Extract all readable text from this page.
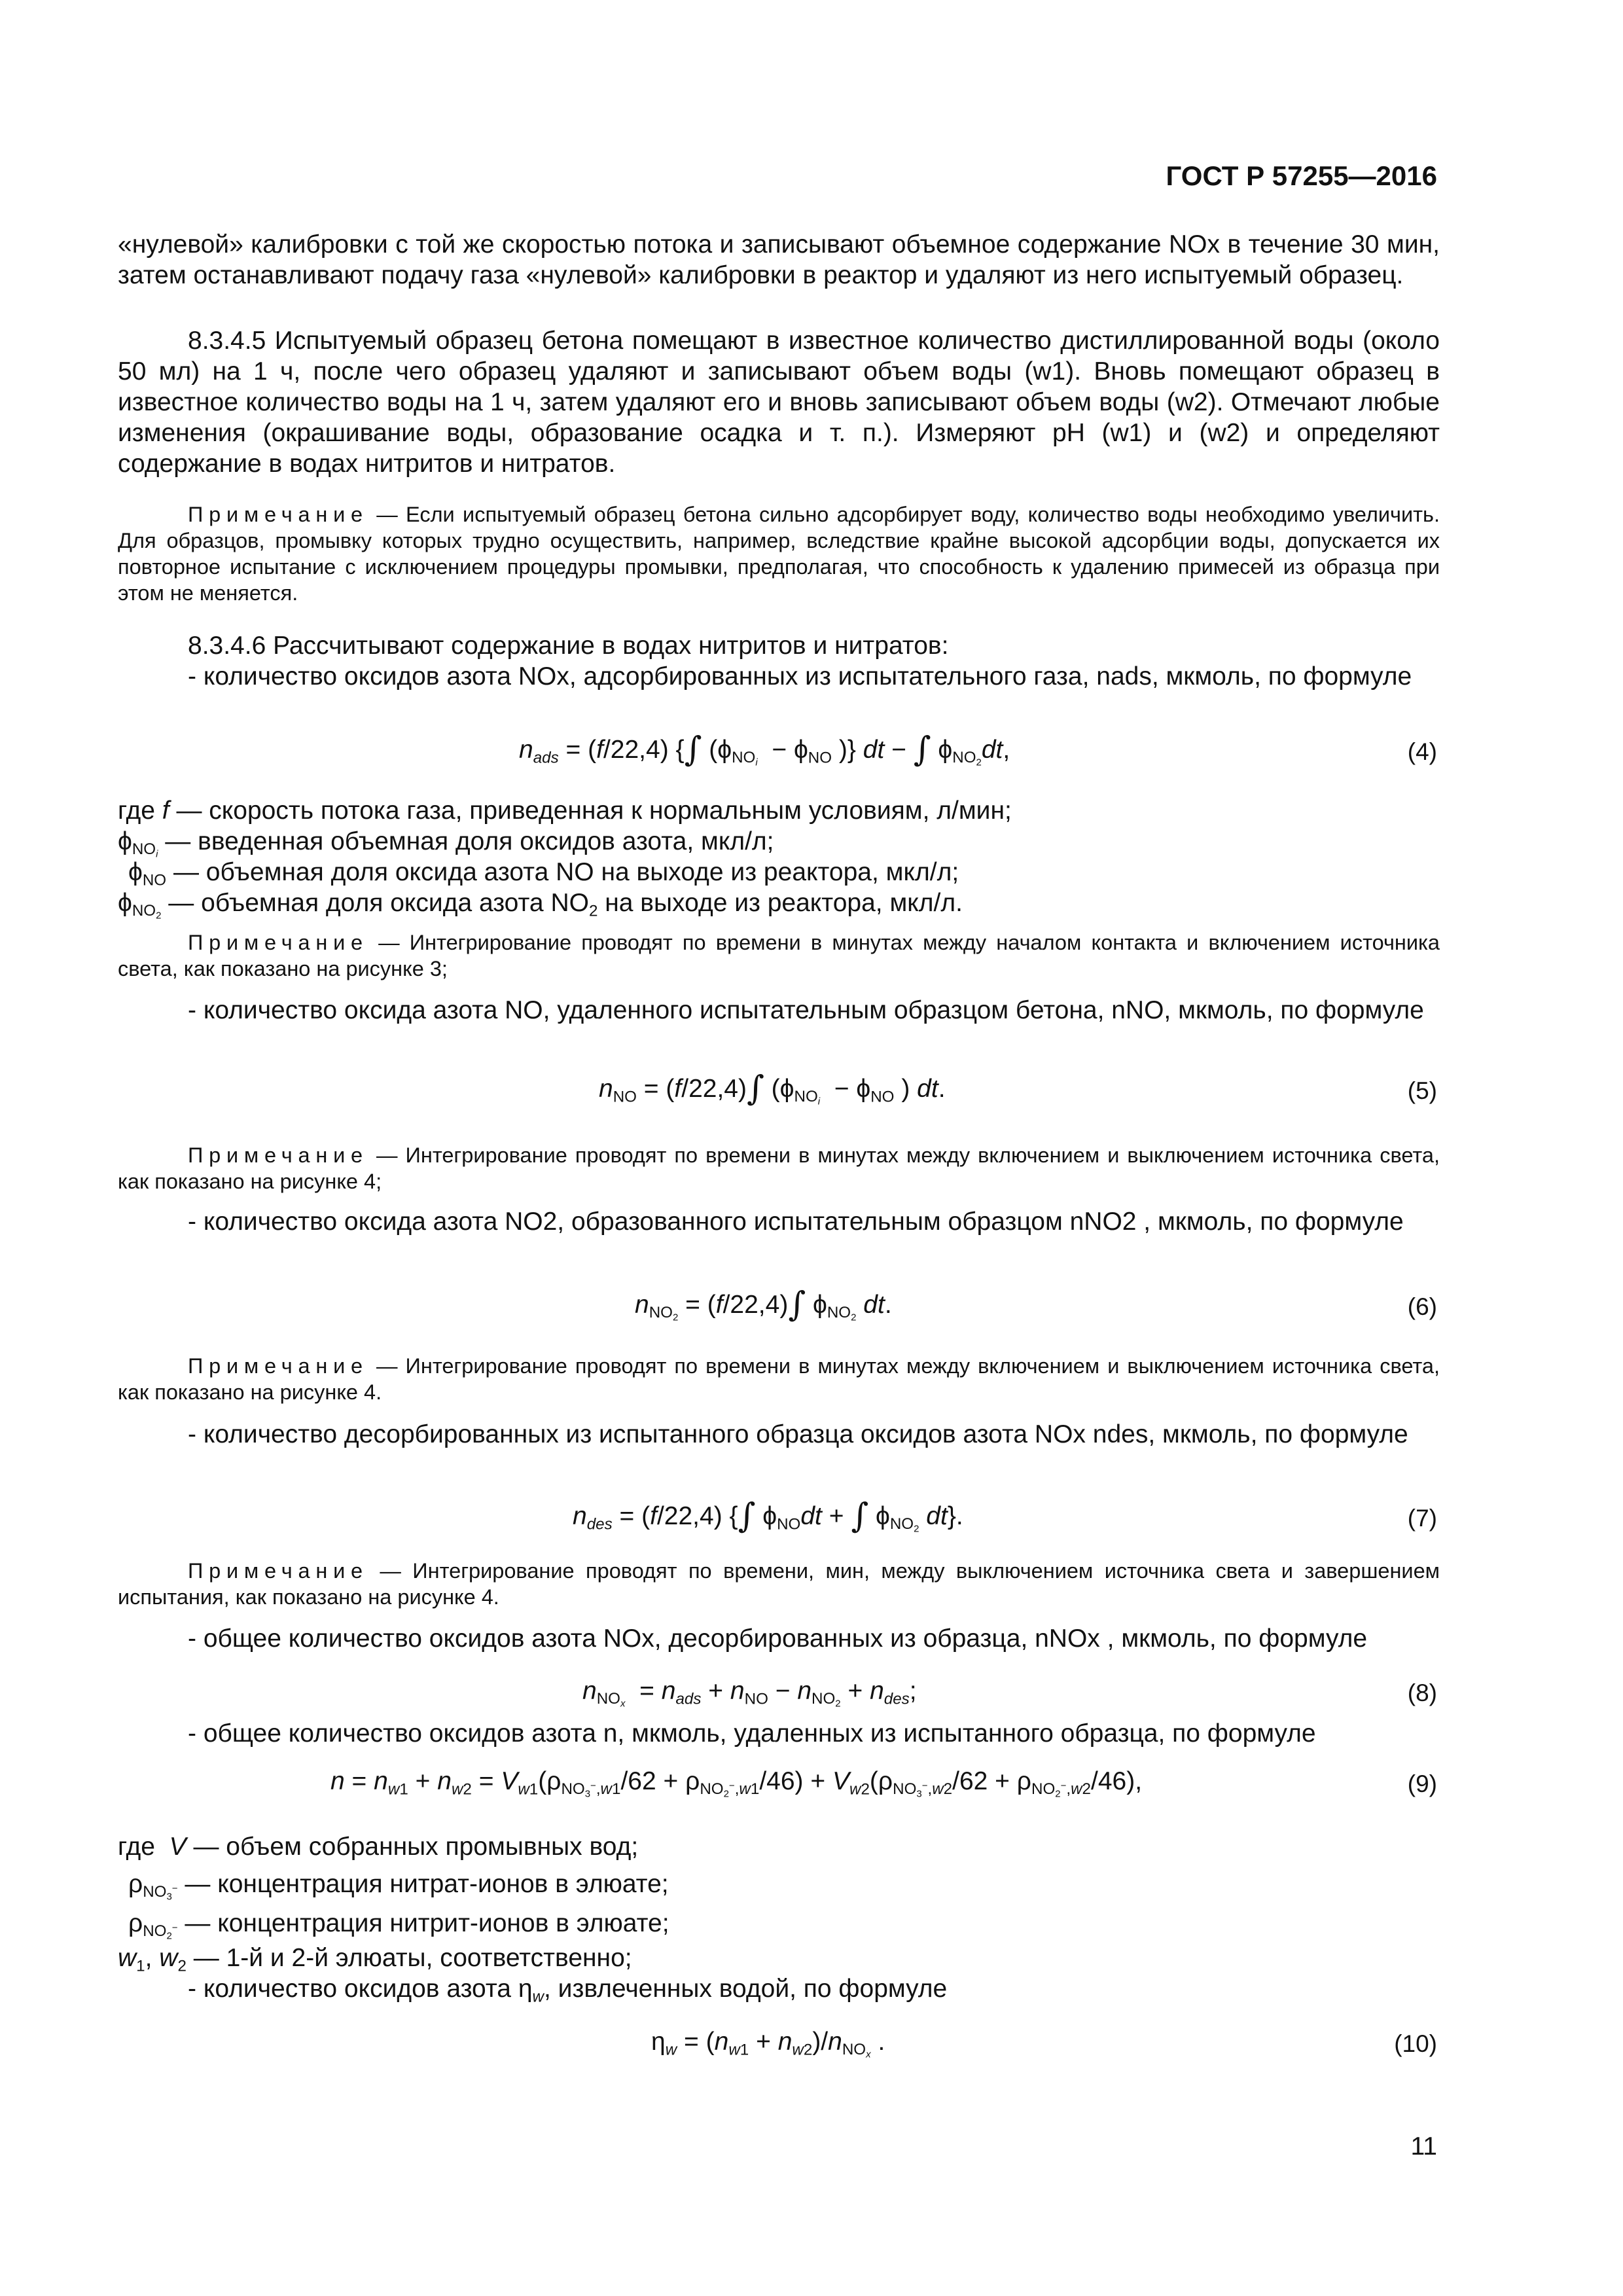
ГОСТ Р 57255—2016
«нулевой» калибровки с той же скоростью потока и записывают объемное содержание NOx в течение 30 мин, затем останавливают подачу газа «нулевой» калибровки в реактор и удаляют из него испытуемый образец.
8.3.4.5 Испытуемый образец бетона помещают в известное количество дистиллированной воды (около 50 мл) на 1 ч, после чего образец удаляют и записывают объем воды (w1). Вновь помещают образец в известное количество воды на 1 ч, затем удаляют его и вновь записывают объем воды (w2). Отмечают любые изменения (окрашивание воды, образование осадка и т. п.). Измеряют pH (w1) и (w2) и определяют содержание в водах нитритов и нитратов.
Примечание — Если испытуемый образец бетона сильно адсорбирует воду, количество воды необходимо увеличить. Для образцов, промывку которых трудно осуществить, например, вследствие крайне высокой адсорбции воды, допускается их повторное испытание с исключением процедуры промывки, предполагая, что способность к удалению примесей из образца при этом не меняется.
8.3.4.6 Рассчитывают содержание в водах нитритов и нитратов:
- количество оксидов азота NOx, адсорбированных из испытательного газа, nads, мкмоль, по формуле
$n_{ads} = (f/22,4)$ {∫ ($\phi_{NO_i} - \phi_{NO}$ )} dt − ∫ $\phi_{NO_2}dt$,	(4)
где f — скорость потока газа, приведенная к нормальным условиям, л/мин;
$\phi_{NO_i}$ — введенная объемная доля оксидов азота, мкл/л;
$\phi_{NO}$ — объемная доля оксида азота NO на выходе из реактора, мкл/л;
$\phi_{NO_2}$ — объемная доля оксида азота $NO_2$ на выходе из реактора, мкл/л.
Примечание — Интегрирование проводят по времени в минутах между началом контакта и включением источника света, как показано на рисунке 3;
- количество оксида азота NO, удаленного испытательным образцом бетона, nNO, мкмоль, по формуле
$n_{NO} = (f/22,4)\int$ ($\phi_{NO_i} - \phi_{NO}$ ) dt.	(5)
Примечание — Интегрирование проводят по времени в минутах между включением и выключением источника света, как показано на рисунке 4;
- количество оксида азота NO2, образованного испытательным образцом nNO2 , мкмоль, по формуле
$n_{NO_2} = (f/22,4)\int$ $\phi_{NO_2}$ dt.	(6)
Примечание — Интегрирование проводят по времени в минутах между включением и выключением источника света, как показано на рисунке 4.
- количество десорбированных из испытанного образца оксидов азота NOx ndes, мкмоль, по формуле
$n_{des} = (f/22,4)$ {∫ $\phi_{NO}dt$ + ∫ $\phi_{NO_2}$ dt}.	(7)
Примечание — Интегрирование проводят по времени, мин, между выключением источника света и завершением испытания, как показано на рисунке 4.
- общее количество оксидов азота NOx, десорбированных из образца, nNOx , мкмоль, по формуле
$n_{NO_x} = n_{ads} + n_{NO} - n_{NO_2} + n_{des}$;	(8)
- общее количество оксидов азота n, мкмоль, удаленных из испытанного образца, по формуле
$n = n_{w1} + n_{w2} = V_{w1}(\rho_{NO_3^-,w1}/62 + \rho_{NO_2^-,w1}/46) + V_{w2}(\rho_{NO_3^-,w2}/62 + \rho_{NO_2^-,w2}/46)$,	(9)
где  V — объем собранных промывных вод;
$\rho_{NO_3^-}$ — концентрация нитрат-ионов в элюате;
$\rho_{NO_2^-}$ — концентрация нитрит-ионов в элюате;
$w_1$, $w_2$ — 1-й и 2-й элюаты, соответственно;
- количество оксидов азота $\eta_w$, извлеченных водой, по формуле
$\eta_w = (n_{w1} + n_{w2})/n_{NO_x}$ .	(10)
11
